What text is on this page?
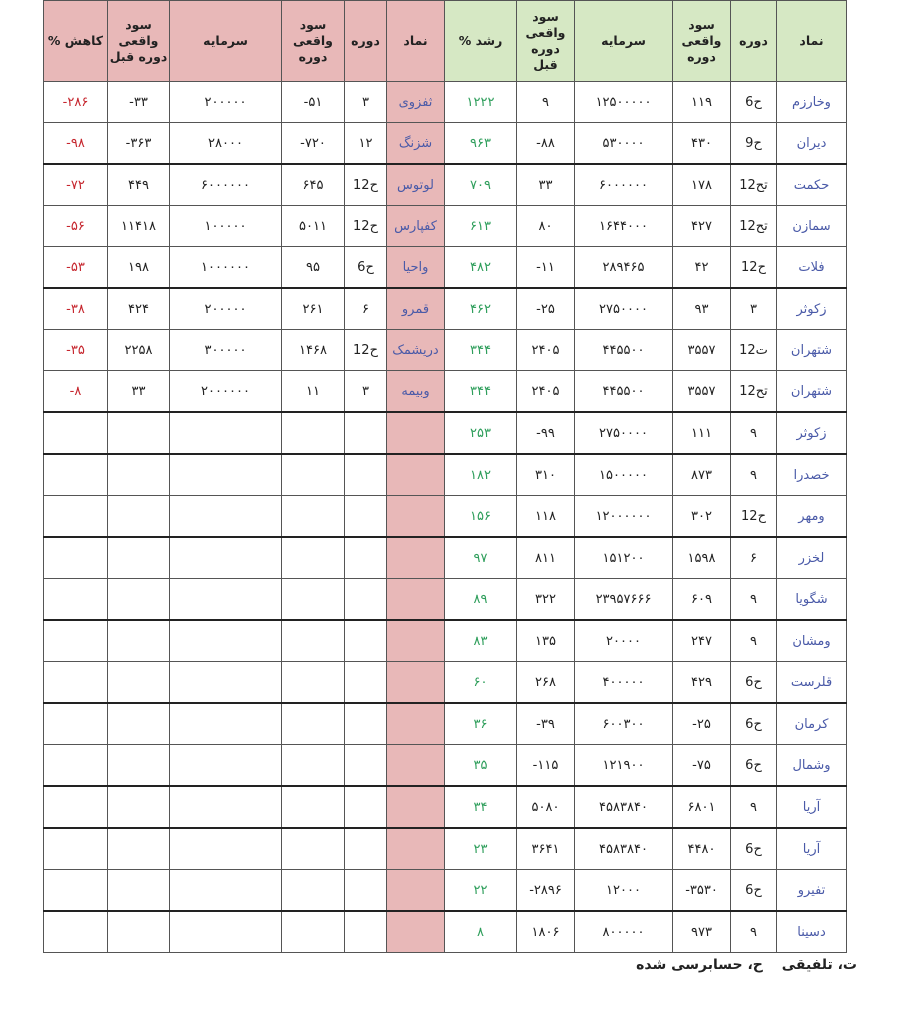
% کاهش	سود واقعی دوره قبل	سرمایه	سود واقعی دوره	دوره	نماد	% رشد	سود واقعی دوره قبل	سرمایه	سود واقعی دوره	دوره	نماد
-۲۸۶	-۳۳	۲۰۰۰۰۰	-۵۱	۳	ثفزوی	۱۲۲۲	۹	۱۲۵۰۰۰۰۰	۱۱۹	6ح	وخارزم
-۹۸	-۳۶۳	۲۸۰۰۰	-۷۲۰	۱۲	شزنگ	۹۶۳	-۸۸	۵۳۰۰۰۰	۴۳۰	9ح	دیران
-۷۲	۴۴۹	۶۰۰۰۰۰۰	۶۴۵	12ح	لوتوس	۷۰۹	۳۳	۶۰۰۰۰۰۰	۱۷۸	12تح	حکمت
-۵۶	۱۱۴۱۸	۱۰۰۰۰۰	۵۰۱۱	12ح	کفپارس	۶۱۳	۸۰	۱۶۴۴۰۰۰	۴۲۷	12تح	سمازن
-۵۳	۱۹۸	۱۰۰۰۰۰۰	۹۵	6ح	واحیا	۴۸۲	-۱۱	۲۸۹۴۶۵	۴۲	12ح	فلات
-۳۸	۴۲۴	۲۰۰۰۰۰	۲۶۱	۶	قمرو	۴۶۲	-۲۵	۲۷۵۰۰۰۰	۹۳	۳	زکوثر
-۳۵	۲۲۵۸	۳۰۰۰۰۰	۱۴۶۸	12ح	دریشمک	۳۴۴	۲۴۰۵	۴۴۵۵۰۰	۳۵۵۷	12ت	شتهران
-۸	۳۳	۲۰۰۰۰۰۰	۱۱	۳	وبیمه	۳۴۴	۲۴۰۵	۴۴۵۵۰۰	۳۵۵۷	12تح	شتهران
						۲۵۳	-۹۹	۲۷۵۰۰۰۰	۱۱۱	۹	زکوثر
						۱۸۲	۳۱۰	۱۵۰۰۰۰۰	۸۷۳	۹	خصدرا
						۱۵۶	۱۱۸	۱۲۰۰۰۰۰۰	۳۰۲	12ح	ومهر
						۹۷	۸۱۱	۱۵۱۲۰۰	۱۵۹۸	۶	لخزر
						۸۹	۳۲۲	۲۳۹۵۷۶۶۶	۶۰۹	۹	شگویا
						۸۳	۱۳۵	۲۰۰۰۰	۲۴۷	۹	ومشان
						۶۰	۲۶۸	۴۰۰۰۰۰	۴۲۹	6ح	قلرست
						۳۶	-۳۹	۶۰۰۳۰۰	-۲۵	6ح	کرمان
						۳۵	-۱۱۵	۱۲۱۹۰۰	-۷۵	6ح	وشمال
						۳۴	۵۰۸۰	۴۵۸۳۸۴۰	۶۸۰۱	۹	آریا
						۲۳	۳۶۴۱	۴۵۸۳۸۴۰	۴۴۸۰	6ح	آریا
						۲۲	-۲۸۹۶	۱۲۰۰۰	-۳۵۳۰	6ح	تفیرو
						۸	۱۸۰۶	۸۰۰۰۰۰	۹۷۳	۹	دسینا
ت، تلفیقی ح، حسابرسی شده
